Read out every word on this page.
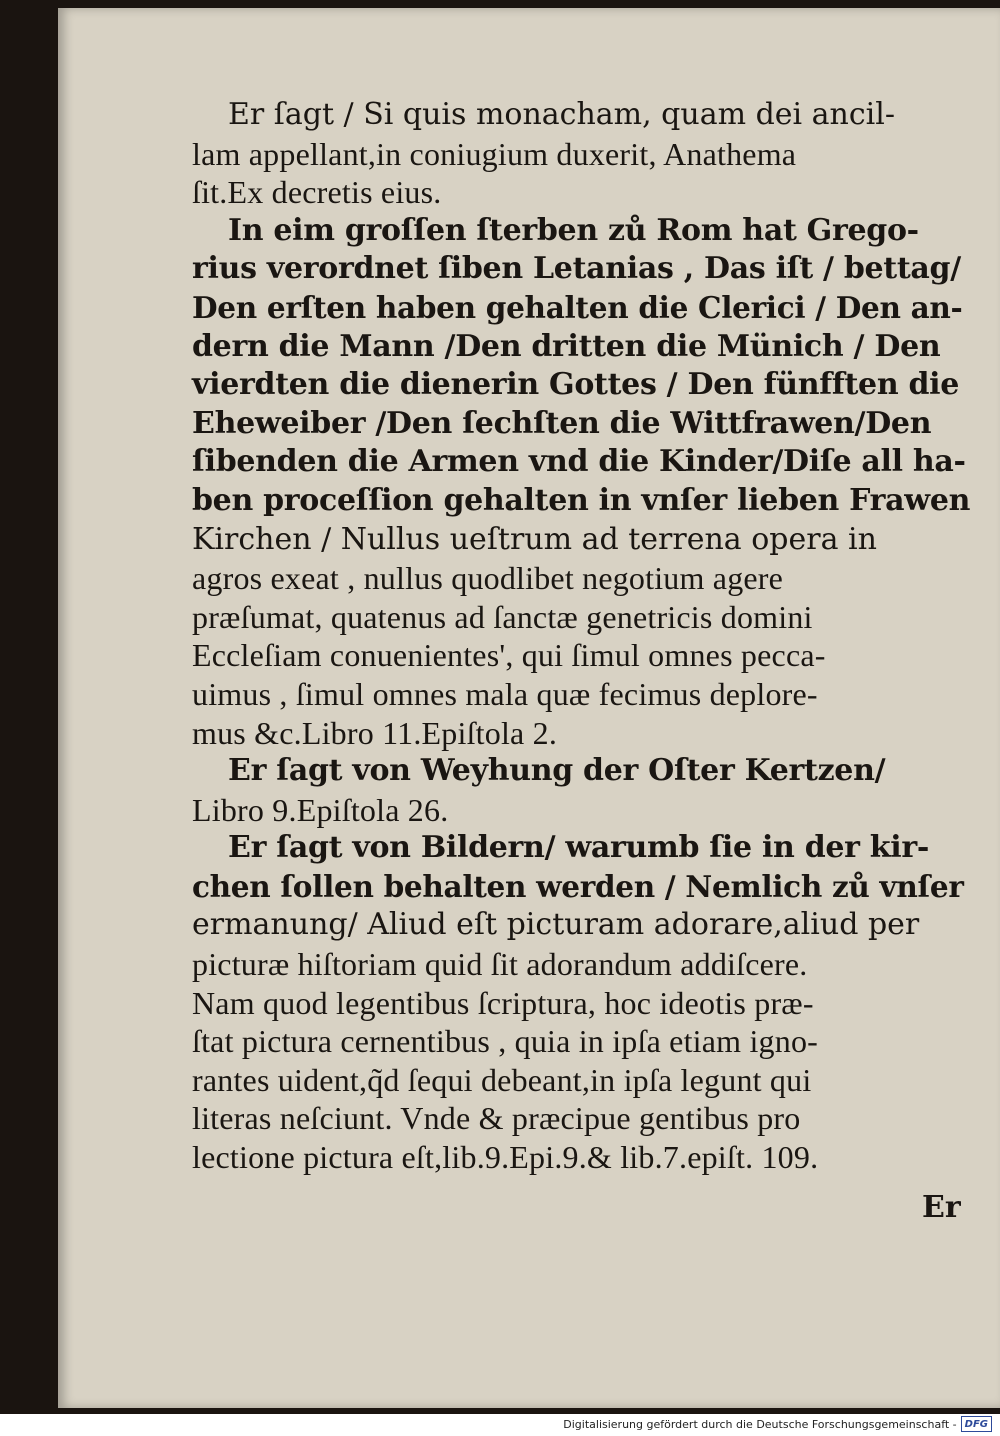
Er ſagt / Si quis monacham, quam dei ancil-
lam appellant,in coniugium duxerit, Anathema
ſit.Ex decretis eius.
In eim groſſen ſterben zů Rom hat Grego-
rius verordnet ſiben Letanias , Das iſt / bettag/
Den erſten haben gehalten die Clerici / Den an-
dern die Mann /Den dritten die Münich / Den
vierdten die dienerin Gottes / Den fünfften die
Eheweiber /Den ſechſten die Wittfrawen/Den
ſibenden die Armen vnd die Kinder/Diſe all ha-
ben proceſſion gehalten in vnſer lieben Frawen
Kirchen / Nullus ueſtrum ad terrena opera in
agros exeat , nullus quodlibet negotium agere
præſumat, quatenus ad ſanctæ genetricis domini
Eccleſiam conuenientes', qui ſimul omnes pecca-
uimus , ſimul omnes mala quæ fecimus deplore-
mus &c.Libro 11.Epiſtola 2.
Er ſagt von Weyhung der Oſter Kertzen/
Libro 9.Epiſtola 26.
Er ſagt von Bildern/ warumb ſie in der kir-
chen ſollen behalten werden / Nemlich zů vnſer
ermanung/ Aliud eſt picturam adorare,aliud per
picturæ hiſtoriam quid ſit adorandum addiſcere.
Nam quod legentibus ſcriptura, hoc ideotis præ-
ſtat pictura cernentibus , quia in ipſa etiam igno-
rantes uident,q̃d ſequi debeant,in ipſa legunt qui
literas neſciunt. Vnde & præcipue gentibus pro
lectione pictura eſt,lib.9.Epi.9.& lib.7.epiſt. 109.
Er
Digitalisierung gefördert durch die Deutsche Forschungsgemeinschaft - DFG
